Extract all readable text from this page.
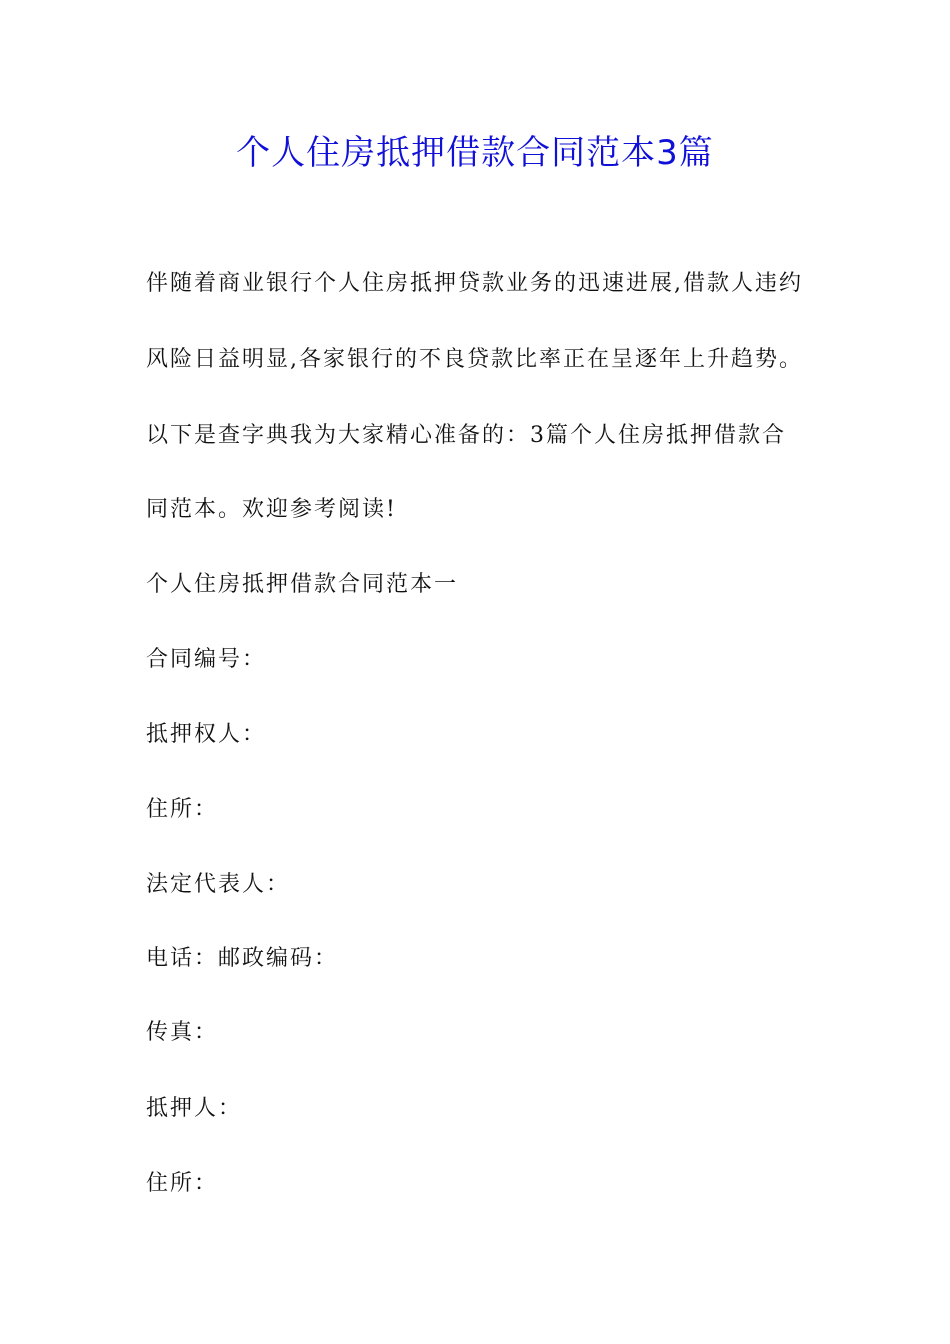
个人住房抵押借款合同范本3篇
伴随着商业银行个人住房抵押贷款业务的迅速进展,借款人违约
风险日益明显,各家银行的不良贷款比率正在呈逐年上升趋势。
以下是查字典我为大家精心准备的：3篇个人住房抵押借款合
同范本。欢迎参考阅读!
个人住房抵押借款合同范本一
合同编号：
抵押权人：
住所：
法定代表人：
电话：邮政编码：
传真：
抵押人：
住所：
